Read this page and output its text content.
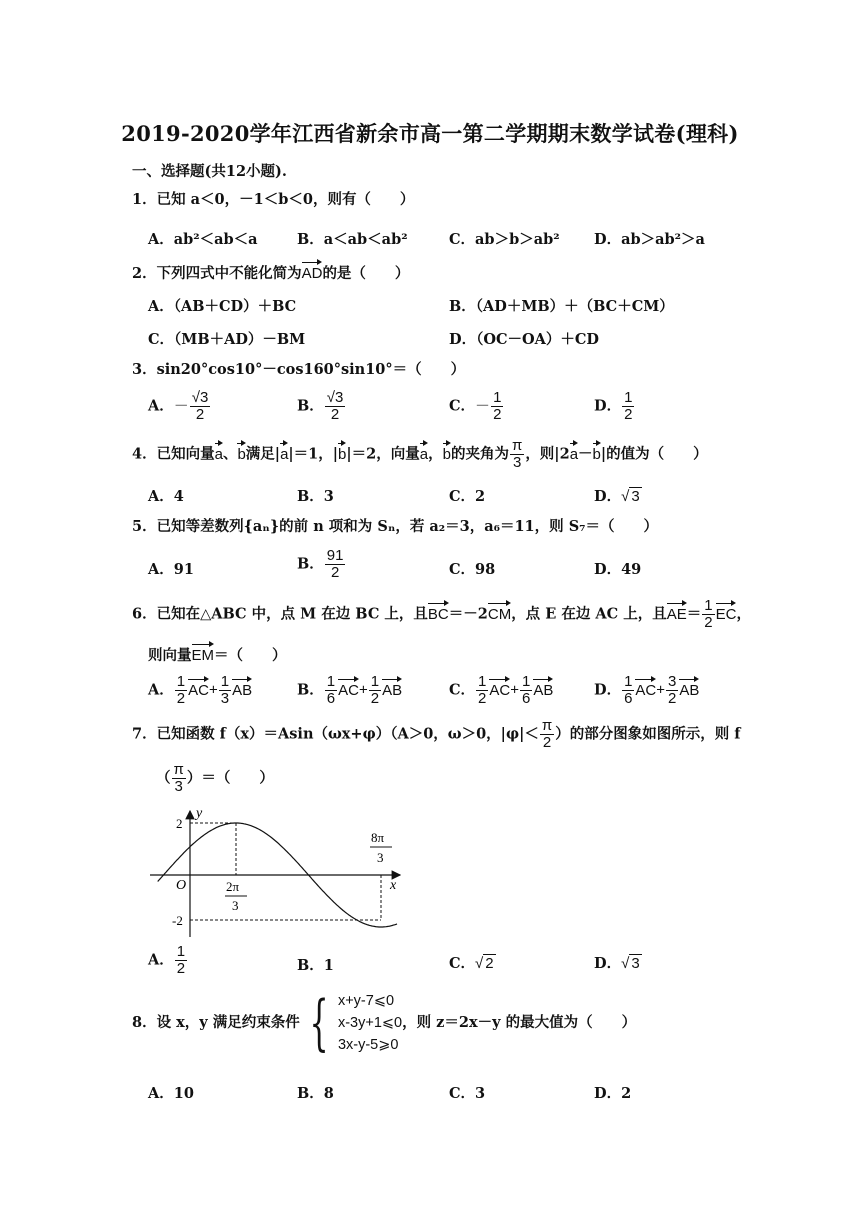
2019-2020学年江西省新余市高一第二学期期末数学试卷(理科)
一、选择题(共12小题).
1．已知 a＜0，－1＜b＜0，则有（　　）
A．ab²＜ab＜a	B．a＜ab＜ab²	C．ab＞b＞ab² D．ab＞ab²＞a
2．下列四式中不能化简为AD的是（　　）
A．（AB＋CD）＋BC	B．（AD＋MB）＋（BC＋CM）
C．（MB＋AD）－BM	D．（OC－OA）＋CD
3．sin20°cos10°－cos160°sin10°＝（　　）
A．－ $\frac{√3}{2}$	B． $\frac{√3}{2}$	C．－ $\frac{1}{2}$	D． $\frac{1}{2}$
4．已知向量a、b满足|a|＝1，|b|＝2，向量a，b的夹角为 $\frac{\pi}{3}$ ，则|2a－b|的值为（　　）
A．4	B．3	C．2	D．√ 3
5．已知等差数列{aₙ}的前 n 项和为 Sₙ，若 a₂＝3，a₆＝11，则 S₇＝（　　）
A．91	B． $\frac{91}{2}$	C．98	D．49
6．已知在△ABC 中，点 M 在边 BC 上，且BC＝－2CM，点 E 在边 AC 上，且$AE= \frac{1}{2}$ EC，
则向量EM＝（　　）
A． $\frac{1}{2} AC+ \frac{1}{3}$ AB	B． $\frac{1}{6} AC+ \frac{1}{2}$ AB	C． $\frac{1}{2} AC+ \frac{1}{6}$ AB	D． $\frac{1}{6} AC+ \frac{3}{2}$ AB
7．已知函数 f（x）＝Asin（ωx+φ）（A＞0，ω＞0，$|\varphi|< \frac{\pi}{2}$ ）的部分图象如图所示，则 f
（ $\frac{\pi}{3}$ ）＝（　　）
y
x
O
2
-2
2π
3
8π
3
A． $\frac{1}{2}$	B．1	C．√ 2	D．√ 3
8．设 x，y 满足约束条件 { x+y-7⩽0
x-3y+1⩽0
3x-y-5⩾0
，则 z＝2x－y 的最大值为（　　）
A．10	B．8	C．3	D．2
